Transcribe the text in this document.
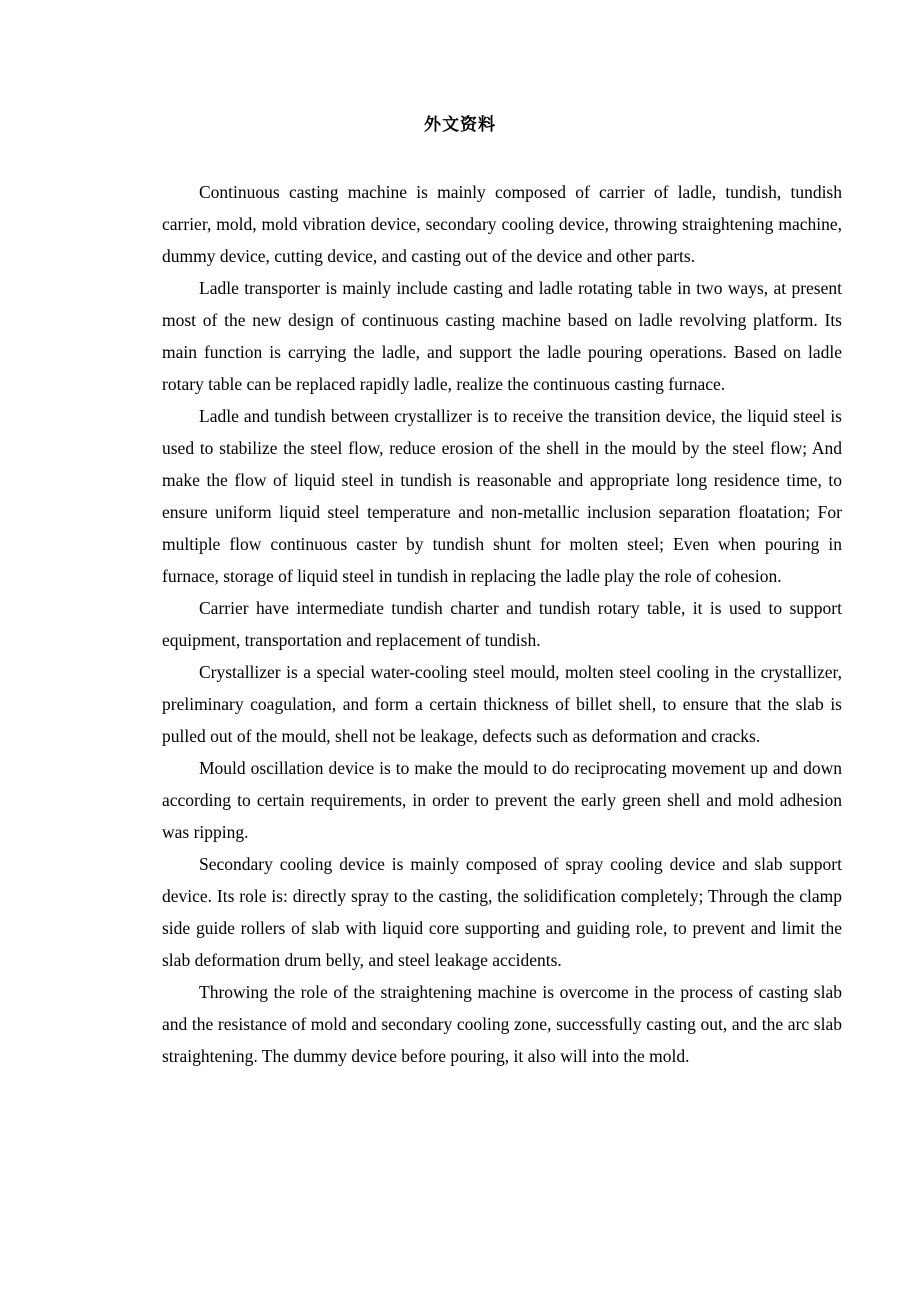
外文资料

Continuous casting machine is mainly composed of carrier of ladle, tundish, tundish carrier, mold, mold vibration device, secondary cooling device, throwing straightening machine, dummy device, cutting device, and casting out of the device and other parts.

Ladle transporter is mainly include casting and ladle rotating table in two ways, at present most of the new design of continuous casting machine based on ladle revolving platform. Its main function is carrying the ladle, and support the ladle pouring operations. Based on ladle rotary table can be replaced rapidly ladle, realize the continuous casting furnace.

Ladle and tundish between crystallizer is to receive the transition device, the liquid steel is used to stabilize the steel flow, reduce erosion of the shell in the mould by the steel flow; And make the flow of liquid steel in tundish is reasonable and appropriate long residence time, to ensure uniform liquid steel temperature and non-metallic inclusion separation floatation; For multiple flow continuous caster by tundish shunt for molten steel; Even when pouring in furnace, storage of liquid steel in tundish in replacing the ladle play the role of cohesion.

Carrier have intermediate tundish charter and tundish rotary table, it is used to support equipment, transportation and replacement of tundish.

Crystallizer is a special water-cooling steel mould, molten steel cooling in the crystallizer, preliminary coagulation, and form a certain thickness of billet shell, to ensure that the slab is pulled out of the mould, shell not be leakage, defects such as deformation and cracks.

Mould oscillation device is to make the mould to do reciprocating movement up and down according to certain requirements, in order to prevent the early green shell and mold adhesion was ripping.

Secondary cooling device is mainly composed of spray cooling device and slab support device. Its role is: directly spray to the casting, the solidification completely; Through the clamp side guide rollers of slab with liquid core supporting and guiding role, to prevent and limit the slab deformation drum belly, and steel leakage accidents.

Throwing the role of the straightening machine is overcome in the process of casting slab and the resistance of mold and secondary cooling zone, successfully casting out, and the arc slab straightening. The dummy device before pouring, it also will into the mold.
